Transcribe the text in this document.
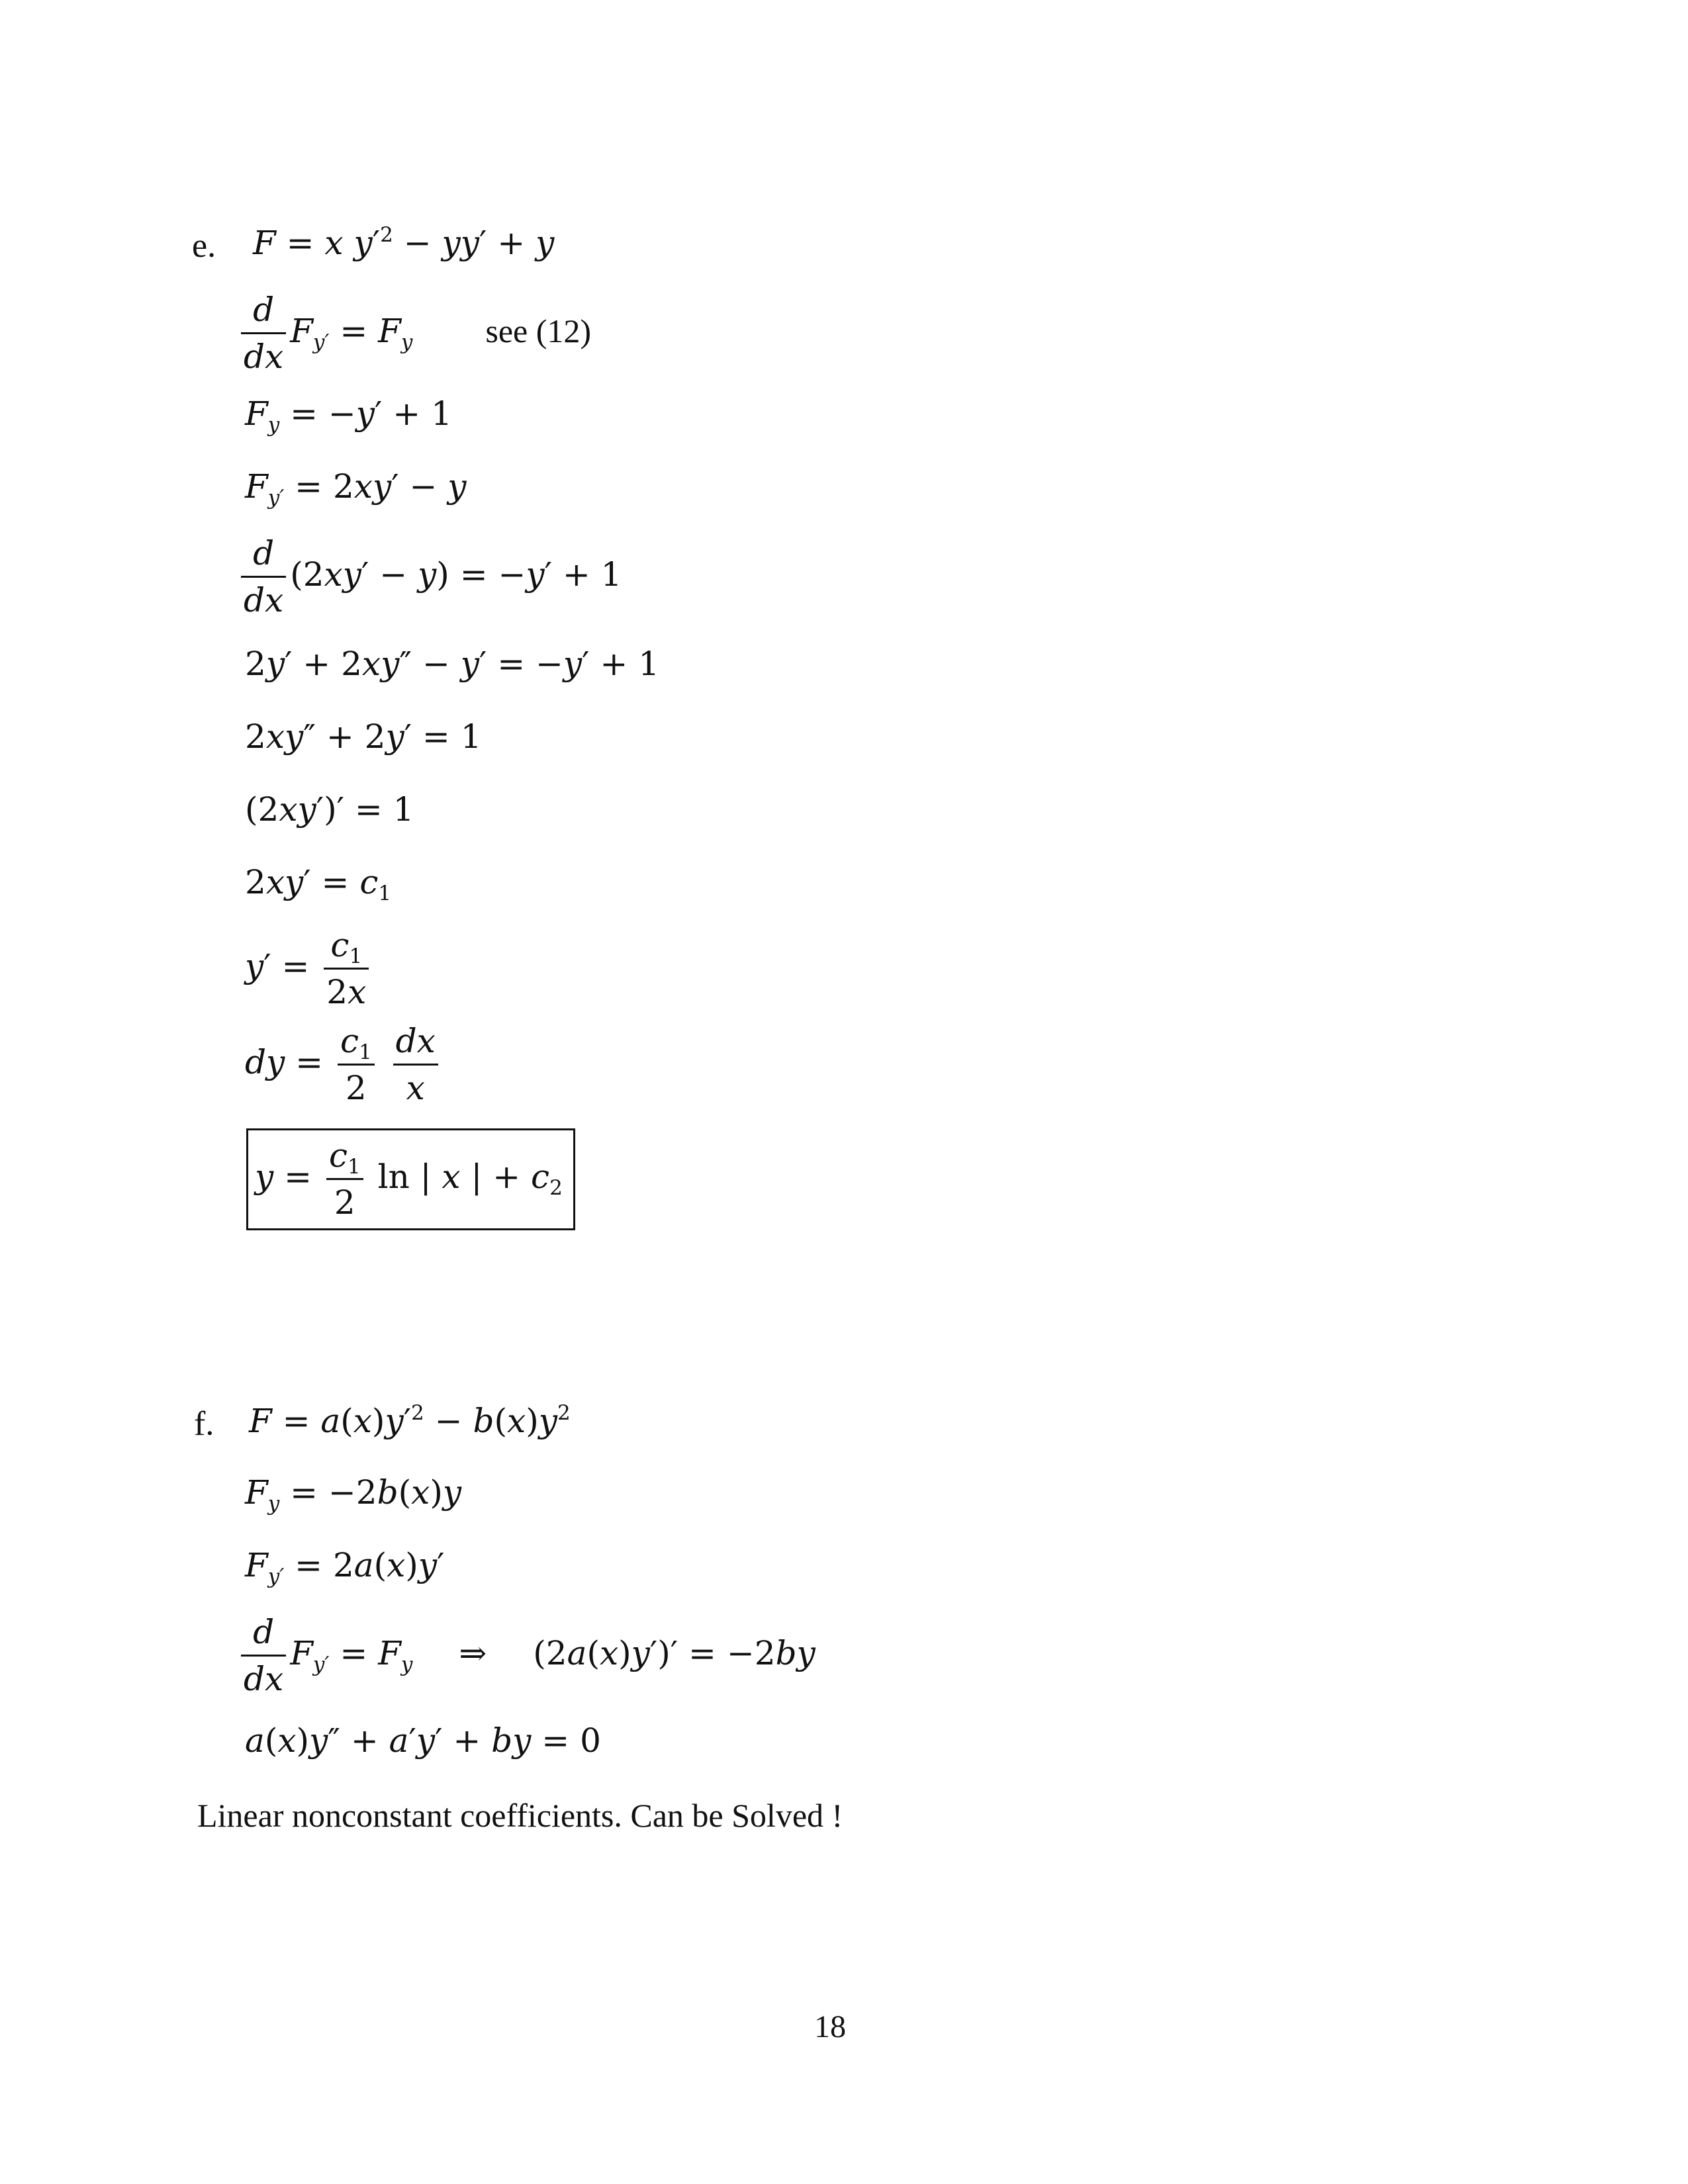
e. F = x $y'^2 - yy' + y$
$\frac{d}{dx} F_{y'} = F_y$ see (12)
$F_y = -y' + 1$
$F_{y'} = 2xy' - y$
$\frac{d}{dx} (2xy' - y) = -y' + 1$
2y′ + 2xy″ − y′ = −y′ + 1
2xy″ + 2y′ = 1
(2xy′)′ = 1
$2xy' = c_1$
$y' = \frac{c_1}{2x}$
dy = $\frac{c_1}{2}$
$\frac{dx}{x}$
$y = \frac{c_1}{2}$ ln | x | + $c_2$
f. $F = a(x)y'^2 - b(x)y^2$
$F_y = -2b(x)y$
$F_{y'} = 2a(x)y'$
$\frac{d}{dx} F_{y'} = F_y$ ⇒ (2a(x)y′)′ = −2by
a(x)y″ + a′y′ + by = 0
Linear nonconstant coefficients. Can be Solved !
18
